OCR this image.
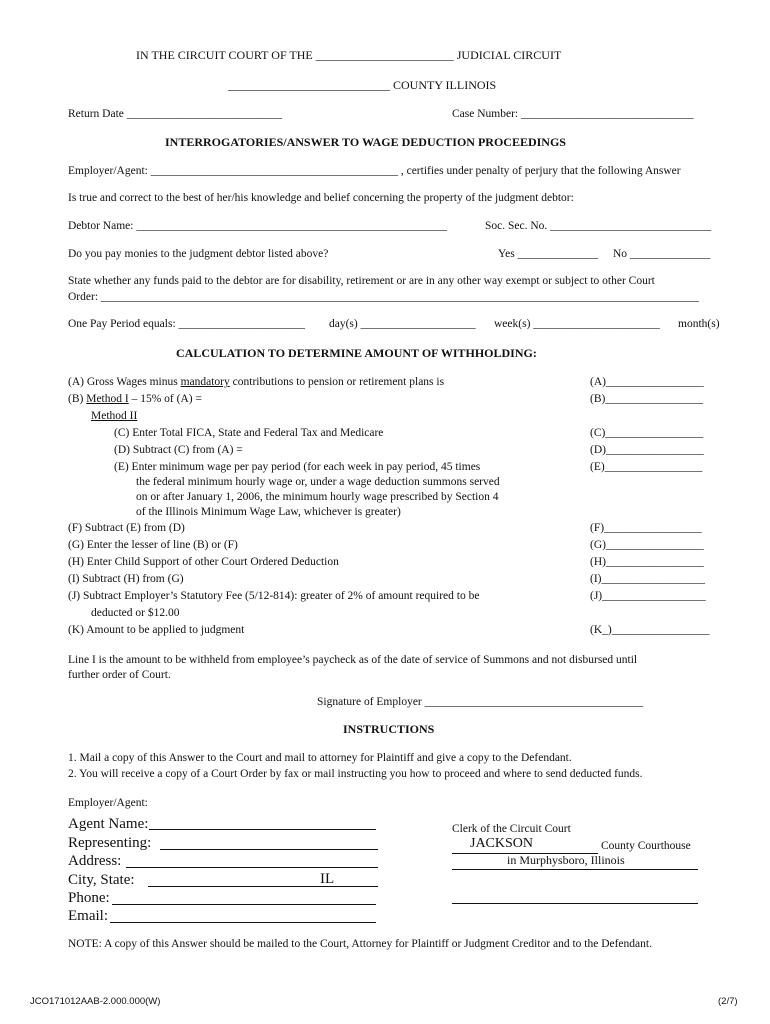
IN THE CIRCUIT COURT OF THE _______________________ JUDICIAL CIRCUIT
___________________________ COUNTY ILLINOIS
Return Date ___________________________	Case Number: ______________________________
INTERROGATORIES/ANSWER TO WAGE DEDUCTION PROCEEDINGS
Employer/Agent: ___________________________________________ , certifies under penalty of perjury that the following Answer
Is true and correct to the best of her/his knowledge and belief concerning the property of the judgment debtor:
Debtor Name: ______________________________________________________	Soc. Sec. No. ____________________________
Do you pay monies to the judgment debtor listed above?	Yes ______________ No ______________
State whether any funds paid to the debtor are for disability, retirement or are in any other way exempt or subject to other Court
Order: ________________________________________________________________________________________________________
One Pay Period equals: ______________________ day(s) ____________________ week(s) ______________________ month(s)
CALCULATION TO DETERMINE AMOUNT OF WITHHOLDING:
(A) Gross Wages minus mandatory contributions to pension or retirement plans is	(A)_________________
(B) Method I – 15% of (A) =	(B)_________________
Method II
(C) Enter Total FICA, State and Federal Tax and Medicare	(C)_________________
(D) Subtract (C) from (A) =	(D)_________________
(E) Enter minimum wage per pay period (for each week in pay period, 45 times	(E)_________________
the federal minimum hourly wage or, under a wage deduction summons served
on or after January 1, 2006, the minimum hourly wage prescribed by Section 4
of the Illinois Minimum Wage Law, whichever is greater)
(F) Subtract (E) from (D)	(F)_________________
(G) Enter the lesser of line (B) or (F)	(G)_________________
(H) Enter Child Support of other Court Ordered Deduction	(H)_________________
(I) Subtract (H) from (G)	(I)__________________
(J) Subtract Employer’s Statutory Fee (5/12-814): greater of 2% of amount required to be	(J)__________________
deducted or $12.00
(K) Amount to be applied to judgment	(K_)_________________
Line I is the amount to be withheld from employee’s paycheck as of the date of service of Summons and not disbursed until
further order of Court.
Signature of Employer ______________________________________
INSTRUCTIONS
1. Mail a copy of this Answer to the Court and mail to attorney for Plaintiff and give a copy to the Defendant.
2. You will receive a copy of a Court Order by fax or mail instructing you how to proceed and where to send deducted funds.
Employer/Agent:
Agent Name:
Representing:
Address:
City, State:	IL
Phone:
Email:
Clerk of the Circuit Court
JACKSON	County Courthouse
in Murphysboro, Illinois
NOTE: A copy of this Answer should be mailed to the Court, Attorney for Plaintiff or Judgment Creditor and to the Defendant.
JCO171012AAB-2.000.000(W)	(2/7)
